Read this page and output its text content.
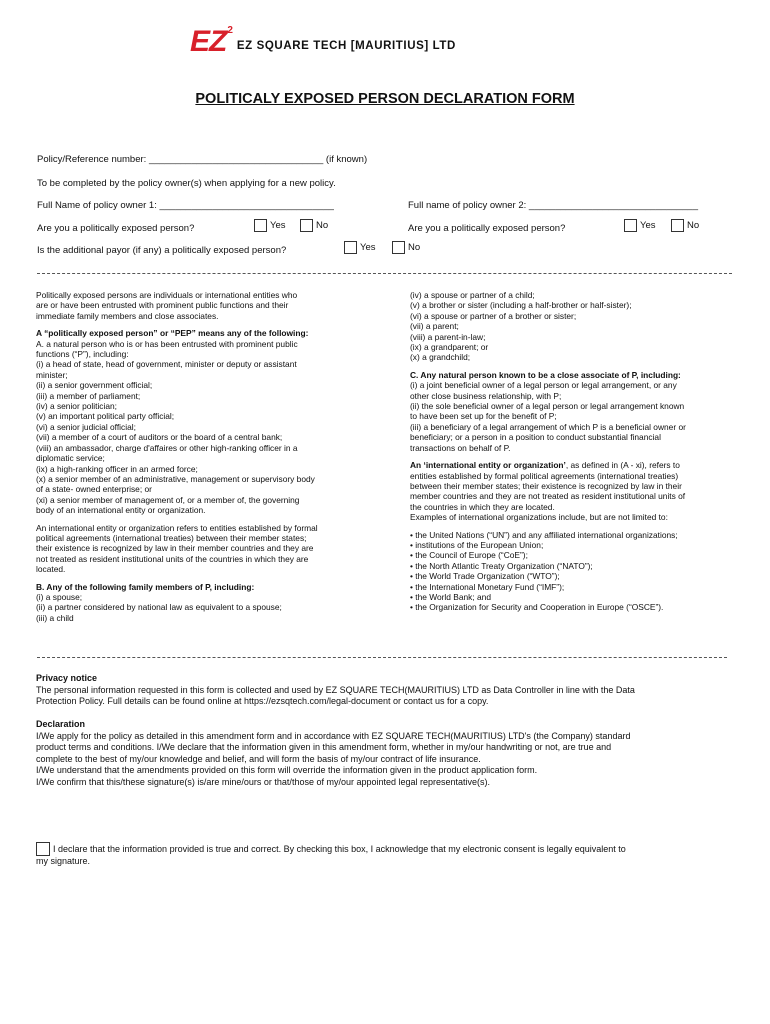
EZ 2
EZ SQUARE TECH [MAURITIUS] LTD
POLITICALY EXPOSED PERSON DECLARATION FORM
Policy/Reference number: _________________________________ (if known)
To be completed by the policy owner(s) when applying for a new policy.
Full Name of policy owner 1: _________________________________	Full name of policy owner 2: ________________________________
Are you a politically exposed person?	Yes	No	Are you a politically exposed person?	Yes	No
Is the additional payor (if any) a politically exposed person?	Yes	No

Politically exposed persons are individuals or international entities who

are or have been entrusted with prominent public functions and their

immediate family members and close associates.

A “politically exposed person” or “PEP” means any of the following:

A. a natural person who is or has been entrusted with prominent public

functions (“P”), including:

(i) a head of state, head of government, minister or deputy or assistant

minister;

(ii) a senior government official;

(iii) a member of parliament;

(iv) a senior politician;

(v) an important political party official;

(vi) a senior judicial official;

(vii) a member of a court of auditors or the board of a central bank;

(viii) an ambassador, charge d'affaires or other high-ranking officer in a

diplomatic service;

(ix) a high-ranking officer in an armed force;

(x) a senior member of an administrative, management or supervisory body

of a state- owned enterprise; or

(xi) a senior member of management of, or a member of, the governing

body of an international entity or organization.

An international entity or organization refers to entities established by formal

political agreements (international treaties) between their member states;

their existence is recognized by law in their member countries and they are

not treated as resident institutional units of the countries in which they are

located.

B. Any of the following family members of P, including:

(i) a spouse;

(ii) a partner considered by national law as equivalent to a spouse;

(iii) a child

(iv) a spouse or partner of a child;

(v) a brother or sister (including a half-brother or half-sister);

(vi) a spouse or partner of a brother or sister;

(vii) a parent;

(viii) a parent-in-law;

(ix) a grandparent; or

(x) a grandchild;

C. Any natural person known to be a close associate of P, including:

(i) a joint beneficial owner of a legal person or legal arrangement, or any

other close business relationship, with P;

(ii) the sole beneficial owner of a legal person or legal arrangement known

to have been set up for the benefit of P;

(iii) a beneficiary of a legal arrangement of which P is a beneficial owner or

beneficiary; or a person in a position to conduct substantial financial

transactions on behalf of P.

An ‘international entity or organization’, as defined in (A - xi), refers to

entities established by formal political agreements (international treaties)

between their member states; their existence is recognized by law in their

member countries and they are not treated as resident institutional units of

the countries in which they are located.

Examples of international organizations include, but are not limited to:

• the United Nations (“UN”) and any affiliated international organizations;

• institutions of the European Union;

• the Council of Europe (“CoE”);

• the North Atlantic Treaty Organization (“NATO”);

• the World Trade Organization (“WTO”);

• the International Monetary Fund (“IMF”);

• the World Bank; and

• the Organization for Security and Cooperation in Europe (“OSCE”).

Privacy notice

The personal information requested in this form is collected and used by EZ SQUARE TECH(MAURITIUS) LTD as Data Controller in line with the Data

Protection Policy. Full details can be found online at https://ezsqtech.com/legal-document or contact us for a copy.

Declaration

I/We apply for the policy as detailed in this amendment form and in accordance with EZ SQUARE TECH(MAURITIUS) LTD's (the Company) standard

product terms and conditions. I/We declare that the information given in this amendment form, whether in my/our handwriting or not, are true and

complete to the best of my/our knowledge and belief, and will form the basis of my/our contract of life insurance.

I/We understand that the amendments provided on this form will override the information given in the product application form.

I/We confirm that this/these signature(s) is/are mine/ours or that/those of my/our appointed legal representative(s).

I declare that the information provided is true and correct. By checking this box, I acknowledge that my electronic consent is legally equivalent to

my signature.
